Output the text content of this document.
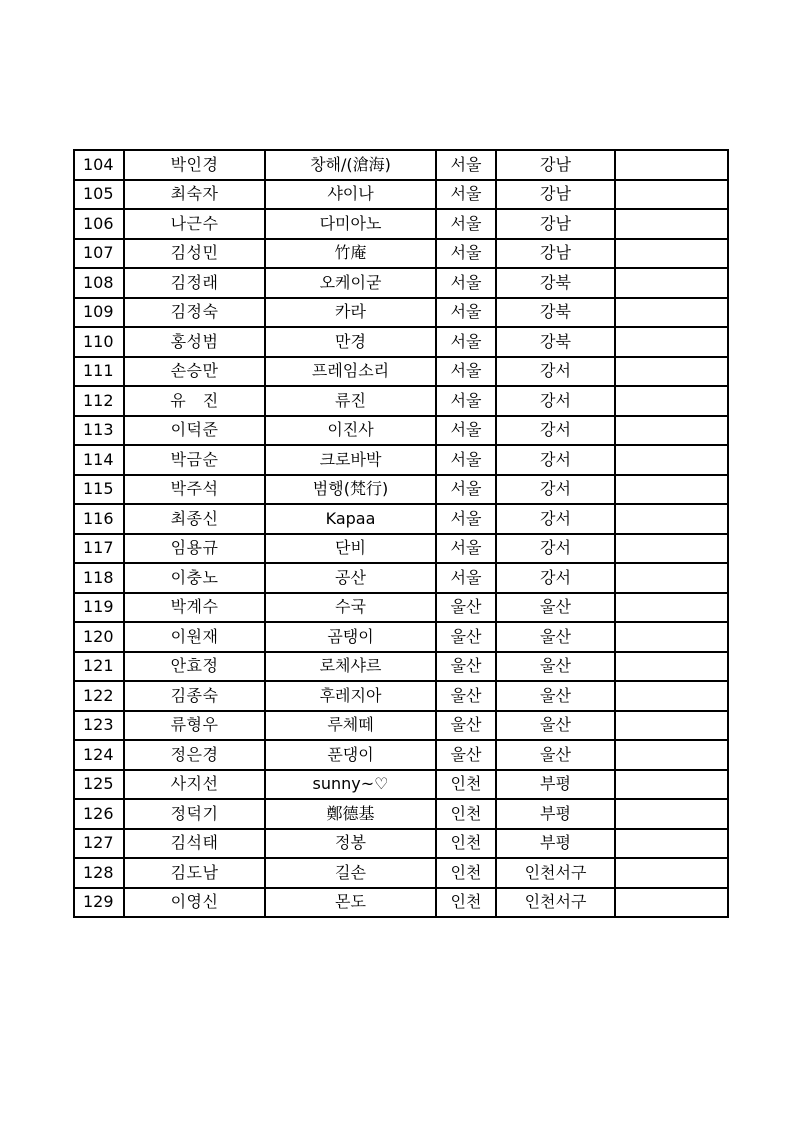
104	박인경	창해/(滄海)	서울	강남	
105	최숙자	샤이나	서울	강남	
106	나근수	다미아노	서울	강남	
107	김성민	竹庵	서울	강남	
108	김정래	오케이굳	서울	강북	
109	김정숙	카라	서울	강북	
110	홍성범	만경	서울	강북	
111	손승만	프레임소리	서울	강서	
112	유　진	류진	서울	강서	
113	이덕준	이진사	서울	강서	
114	박금순	크로바박	서울	강서	
115	박주석	범행(梵行)	서울	강서	
116	최종신	Kapaa	서울	강서	
117	임용규	단비	서울	강서	
118	이충노	공산	서울	강서	
119	박계수	수국	울산	울산	
120	이원재	곰탱이	울산	울산	
121	안효정	로체샤르	울산	울산	
122	김종숙	후레지아	울산	울산	
123	류형우	루체떼	울산	울산	
124	정은경	푼댕이	울산	울산	
125	사지선	sunny~♡	인천	부평	
126	정덕기	鄭德基	인천	부평	
127	김석태	정봉	인천	부평	
128	김도남	길손	인천	인천서구	
129	이영신	몬도	인천	인천서구	
